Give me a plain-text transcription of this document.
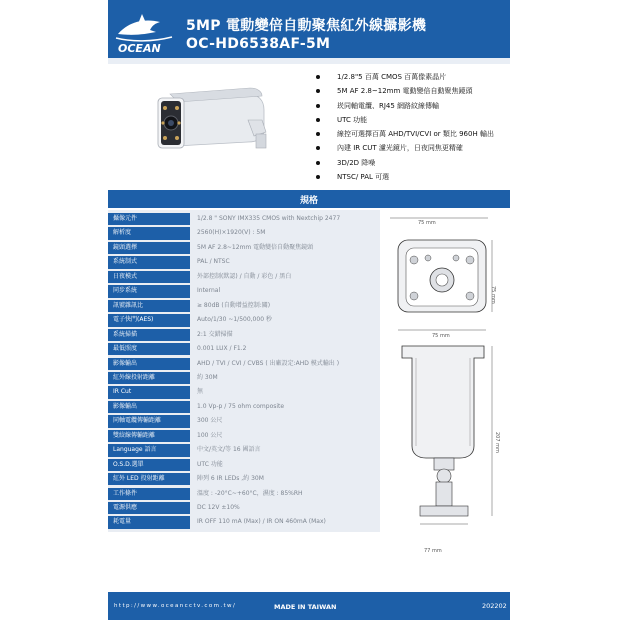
OCEAN
5MP 電動變倍自動聚焦紅外線攝影機
OC-HD6538AF-5M
1/2.8"5 百萬 CMOS 百萬像素晶片
5M AF 2.8~12mm 電動變倍自動聚焦鏡頭
崁同軸電纜、RJ45 網路紋線傳輸
UTC 功能
線控可選擇百萬 AHD/TVI/CVI or 類比 960H 輸出
內建 IR CUT 濾光鏡片，日夜同焦更精確
3D/2D 降噪
NTSC/ PAL 可選
規格
攝像元件	1/2.8 " SONY IMX335 CMOS with Nextchip 2477
解析度	2560(H)×1920(V) : 5M
鏡頭選擇	5M AF 2.8~12mm 電動變倍自動聚焦鏡頭
系統制式	PAL / NTSC
日夜模式	外部控制(默認) / 自動 / 彩色 / 黑白
同步系統	Internal
訊號雜訊比	≥ 80dB (自動增益控制:關)
電子快門(AES)	Auto/1/30 ~1/500,000 秒
系統掃描	2:1 交錯掃描
最低照度	0.001 LUX / F1.2
影像輸出	AHD / TVI / CVI / CVBS ( 出廠設定:AHD 模式輸出 )
紅外線投射距離	約 30M
IR Cut	無
影像輸出	1.0 Vp-p / 75 ohm composite
同軸電纜傳輸距離	300 公尺
雙絞線傳輸距離	100 公尺
Language 語言	中文/英文/等 16 國語言
O.S.D.選單	UTC 功能
紅外 LED 投射距離	陣列 6 IR LEDs ,約 30M
工作條件	溫度 : -20°C~+60°C，濕度 : 85%RH
電源供應	DC 12V ±10%
耗電量	IR OFF 110 mA (Max) / IR ON 460mA (Max)
75 mm
75 mm
75 mm
207 mm
77 mm
http://www.oceancctv.com.tw/	MADE IN TAIWAN	202202
